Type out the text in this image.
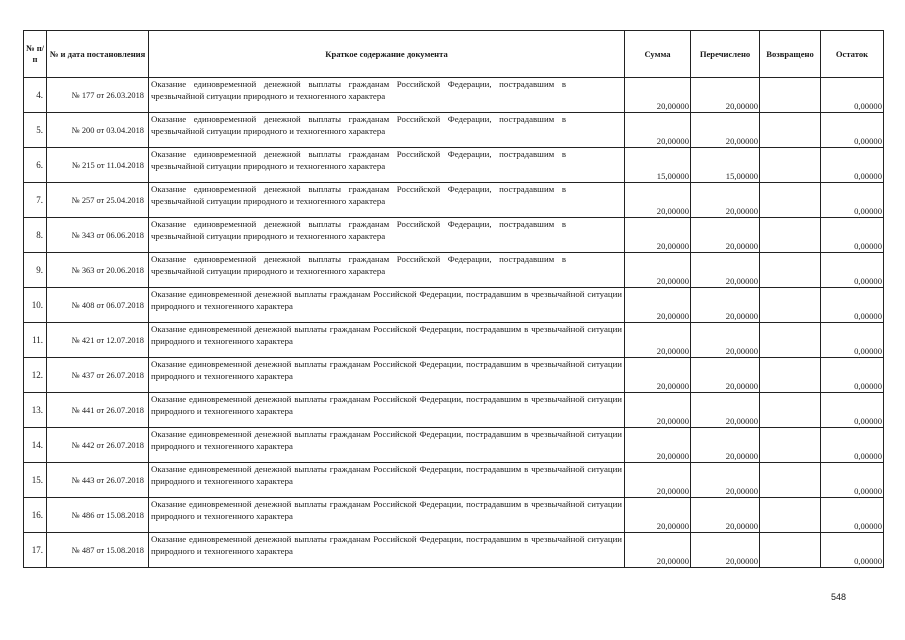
№ п/п	№ и дата постановления	Краткое содержание документа	Сумма	Перечислено	Возвращено	Остаток
4.	№ 177 от 26.03.2018	Оказание единовременной денежной выплаты гражданам Российской Федерации, пострадавшим в чрезвычайной ситуации природного и техногенного характера	20,00000	20,00000		0,00000
5.	№ 200 от 03.04.2018	Оказание единовременной денежной выплаты гражданам Российской Федерации, пострадавшим в чрезвычайной ситуации природного и техногенного характера	20,00000	20,00000		0,00000
6.	№ 215 от 11.04.2018	Оказание единовременной денежной выплаты гражданам Российской Федерации, пострадавшим в чрезвычайной ситуации природного и техногенного характера	15,00000	15,00000		0,00000
7.	№ 257 от 25.04.2018	Оказание единовременной денежной выплаты гражданам Российской Федерации, пострадавшим в чрезвычайной ситуации природного и техногенного характера	20,00000	20,00000		0,00000
8.	№ 343 от 06.06.2018	Оказание единовременной денежной выплаты гражданам Российской Федерации, пострадавшим в чрезвычайной ситуации природного и техногенного характера	20,00000	20,00000		0,00000
9.	№ 363 от 20.06.2018	Оказание единовременной денежной выплаты гражданам Российской Федерации, пострадавшим в чрезвычайной ситуации природного и техногенного характера	20,00000	20,00000		0,00000
10.	№ 408 от 06.07.2018	Оказание единовременной денежной выплаты гражданам Российской Федерации, пострадавшим в чрезвычайной ситуации природного и техногенного характера	20,00000	20,00000		0,00000
11.	№ 421 от 12.07.2018	Оказание единовременной денежной выплаты гражданам Российской Федерации, пострадавшим в чрезвычайной ситуации природного и техногенного характера	20,00000	20,00000		0,00000
12.	№ 437 от 26.07.2018	Оказание единовременной денежной выплаты гражданам Российской Федерации, пострадавшим в чрезвычайной ситуации природного и техногенного характера	20,00000	20,00000		0,00000
13.	№ 441 от 26.07.2018	Оказание единовременной денежной выплаты гражданам Российской Федерации, пострадавшим в чрезвычайной ситуации природного и техногенного характера	20,00000	20,00000		0,00000
14.	№ 442 от 26.07.2018	Оказание единовременной денежной выплаты гражданам Российской Федерации, пострадавшим в чрезвычайной ситуации природного и техногенного характера	20,00000	20,00000		0,00000
15.	№ 443 от 26.07.2018	Оказание единовременной денежной выплаты гражданам Российской Федерации, пострадавшим в чрезвычайной ситуации природного и техногенного характера	20,00000	20,00000		0,00000
16.	№ 486 от 15.08.2018	Оказание единовременной денежной выплаты гражданам Российской Федерации, пострадавшим в чрезвычайной ситуации природного и техногенного характера	20,00000	20,00000		0,00000
17.	№ 487 от 15.08.2018	Оказание единовременной денежной выплаты гражданам Российской Федерации, пострадавшим в чрезвычайной ситуации природного и техногенного характера	20,00000	20,00000		0,00000
548
